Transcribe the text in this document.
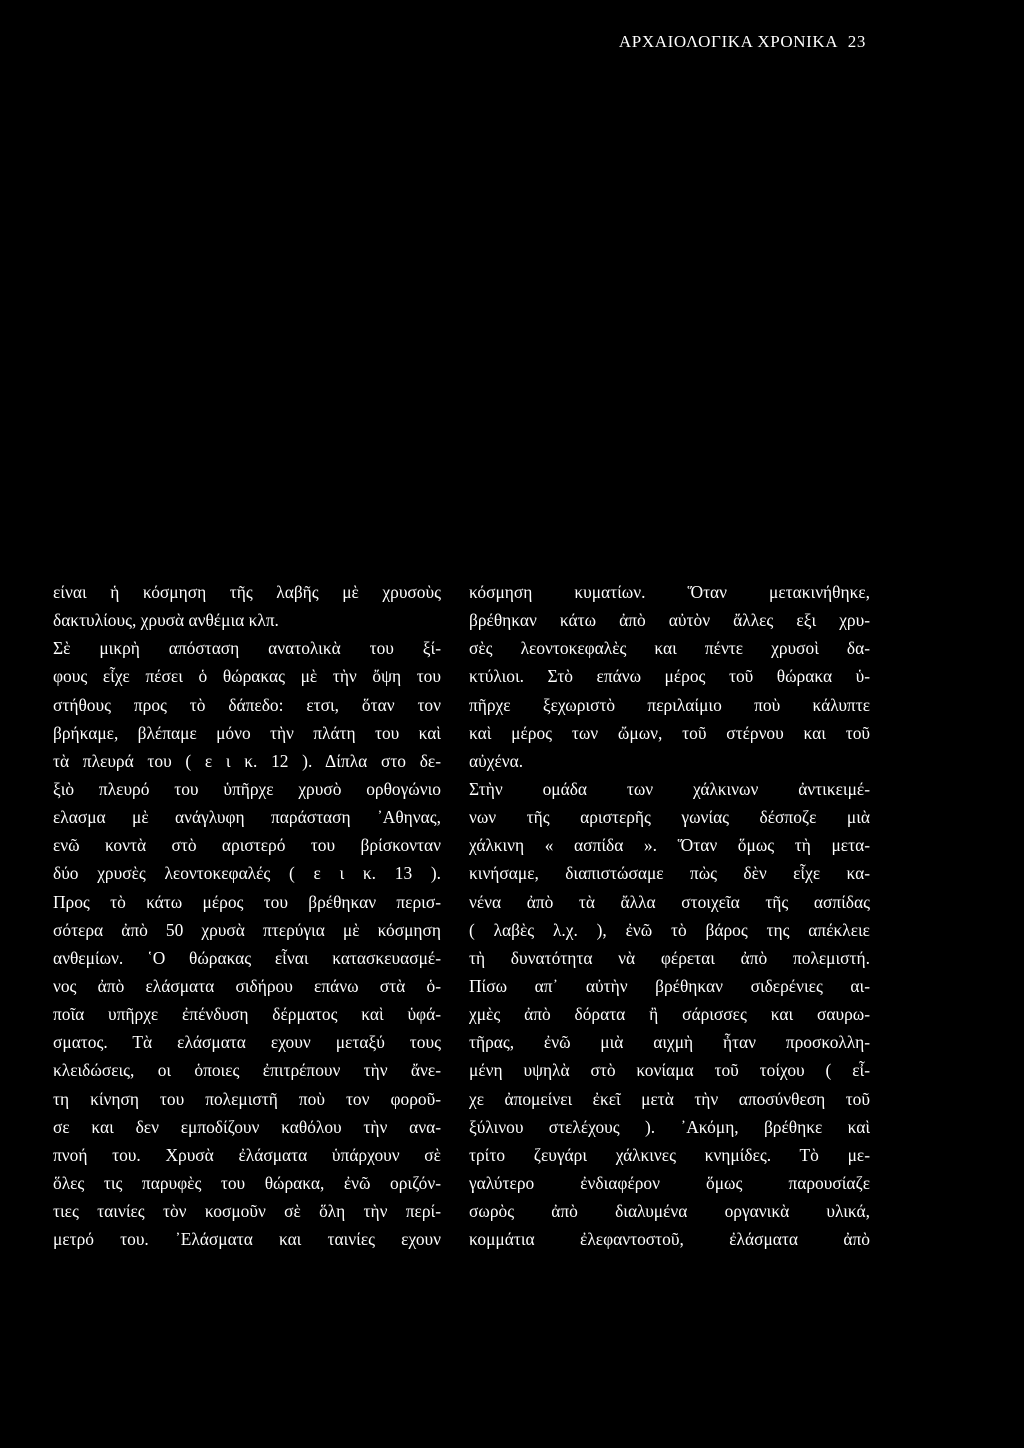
ΑΡΧΑΙΟΛΟΓΙΚΑ ΧΡΟΝΙΚΑ 23
είναι ἡ κόσμηση τῆς λαβῆς μὲ χρυσοὺς
δακτυλίους, χρυσὰ ανθέμια κλπ.
Σὲ μικρὴ απόσταση ανατολικὰ του ξί-
φους εἶχε πέσει ὁ θώρακας μὲ τὴν ὄψη του
στήθους προς τὸ δάπεδο: ετσι, ὅταν τον
βρήκαμε, βλέπαμε μόνο τὴν πλάτη του καὶ
τὰ πλευρά του ( ε ι κ. 12 ). Δίπλα στο δε-
ξιὸ πλευρό του ὑπῆρχε χρυσὸ ορθογώνιο
ελασμα μὲ ανάγλυφη παράσταση ᾿Αθηνας,
ενῶ κοντὰ στὸ αριστερό του βρίσκονταν
δύο χρυσὲς λεοντοκεφαλές ( ε ι κ. 13 ).
Προς τὸ κάτω μέρος του βρέθηκαν περισ-
σότερα ἀπὸ 50 χρυσὰ πτερύγια μὲ κόσμηση
ανθεμίων. ῾Ο θώρακας εἶναι κατασκευασμέ-
νος ἀπὸ ελάσματα σιδήρου επάνω στὰ ὁ-
ποῖα υπῆρχε ἐπένδυση δέρματος καὶ ὑφά-
σματος. Τὰ ελάσματα εχουν μεταξύ τους
κλειδώσεις, οι ὁποιες ἐπιτρέπουν τὴν ἄνε-
τη κίνηση του πολεμιστῆ ποὺ τον φοροῦ-
σε και δεν εμποδίζουν καθόλου τὴν ανα-
πνοή του. Χρυσὰ ἐλάσματα ὑπάρχουν σὲ
ὅλες τις παρυφὲς του θώρακα, ἐνῶ οριζόν-
τιες ταινίες τὸν κοσμοῦν σὲ ὅλη τὴν περί-
μετρό του. ᾿Ελάσματα και ταινίες εχουν
κόσμηση κυματίων. Ὅταν μετακινήθηκε,
βρέθηκαν κάτω ἀπὸ αὐτὸν ἄλλες εξι χρυ-
σὲς λεοντοκεφαλὲς και πέντε χρυσοὶ δα-
κτύλιοι. Στὸ επάνω μέρος τοῦ θώρακα ὑ-
πῆρχε ξεχωριστὸ περιλαίμιο ποὺ κάλυπτε
καὶ μέρος των ὤμων, τοῦ στέρνου και τοῦ
αὐχένα.
Στὴν ομάδα των χάλκινων ἀντικειμέ-
νων τῆς αριστερῆς γωνίας δέσποζε μιὰ
χάλκινη « ασπίδα ». Ὅταν ὅμως τὴ μετα-
κινήσαμε, διαπιστώσαμε πὼς δὲν εἶχε κα-
νένα ἀπὸ τὰ ἄλλα στοιχεῖα τῆς ασπίδας
( λαβὲς λ.χ. ), ἐνῶ τὸ βάρος της απέκλειε
τὴ δυνατότητα νὰ φέρεται ἀπὸ πολεμιστή.
Πίσω απ᾿ αὐτὴν βρέθηκαν σιδερένιες αι-
χμὲς ἀπὸ δόρατα ἢ σάρισσες και σαυρω-
τῆρας, ἐνῶ μιὰ αιχμὴ ἦταν προσκολλη-
μένη υψηλὰ στὸ κονίαμα τοῦ τοίχου ( εἶ-
χε ἀπομείνει ἐκεῖ μετὰ τὴν αποσύνθεση τοῦ
ξύλινου στελέχους ). ᾿Ακόμη, βρέθηκε καὶ
τρίτο ζευγάρι χάλκινες κνημίδες. Τὸ με-
γαλύτερο ἐνδιαφέρον ὅμως παρουσίαζε
σωρὸς ἀπὸ διαλυμένα οργανικὰ υλικά,
κομμάτια ἐλεφαντοστοῦ, ἐλάσματα ἀπὸ
